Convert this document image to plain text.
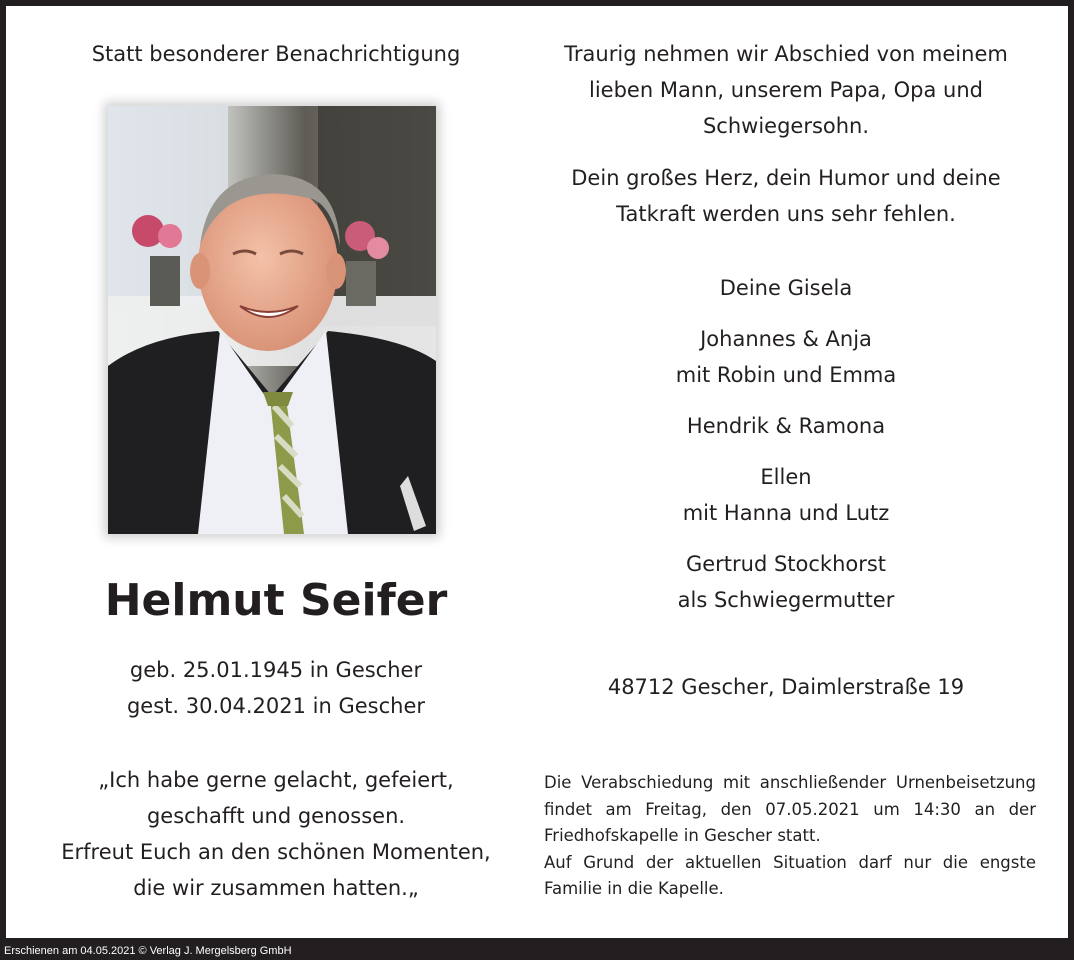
Statt besonderer Benachrichtigung
Helmut Seifer
geb. 25.01.1945 in Gescher
gest. 30.04.2021 in Gescher
„Ich habe gerne gelacht, gefeiert,
geschafft und genossen.
Erfreut Euch an den schönen Momenten,
die wir zusammen hatten.„
Traurig nehmen wir Abschied von meinem
lieben Mann, unserem Papa, Opa und
Schwiegersohn.
Dein großes Herz, dein Humor und deine
Tatkraft werden uns sehr fehlen.
Deine Gisela
Johannes & Anja
mit Robin und Emma
Hendrik & Ramona
Ellen
mit Hanna und Lutz
Gertrud Stockhorst
als Schwiegermutter
48712 Gescher, Daimlerstraße 19

Die Verabschiedung mit anschließender Urnenbeisetzung findet am Freitag, den 07.05.2021 um 14:30 an der Friedhofskapelle in Gescher statt.

Auf Grund der aktuellen Situation darf nur die engste Familie in die Kapelle.

Erschienen am 04.05.2021 © Verlag J. Mergelsberg GmbH
